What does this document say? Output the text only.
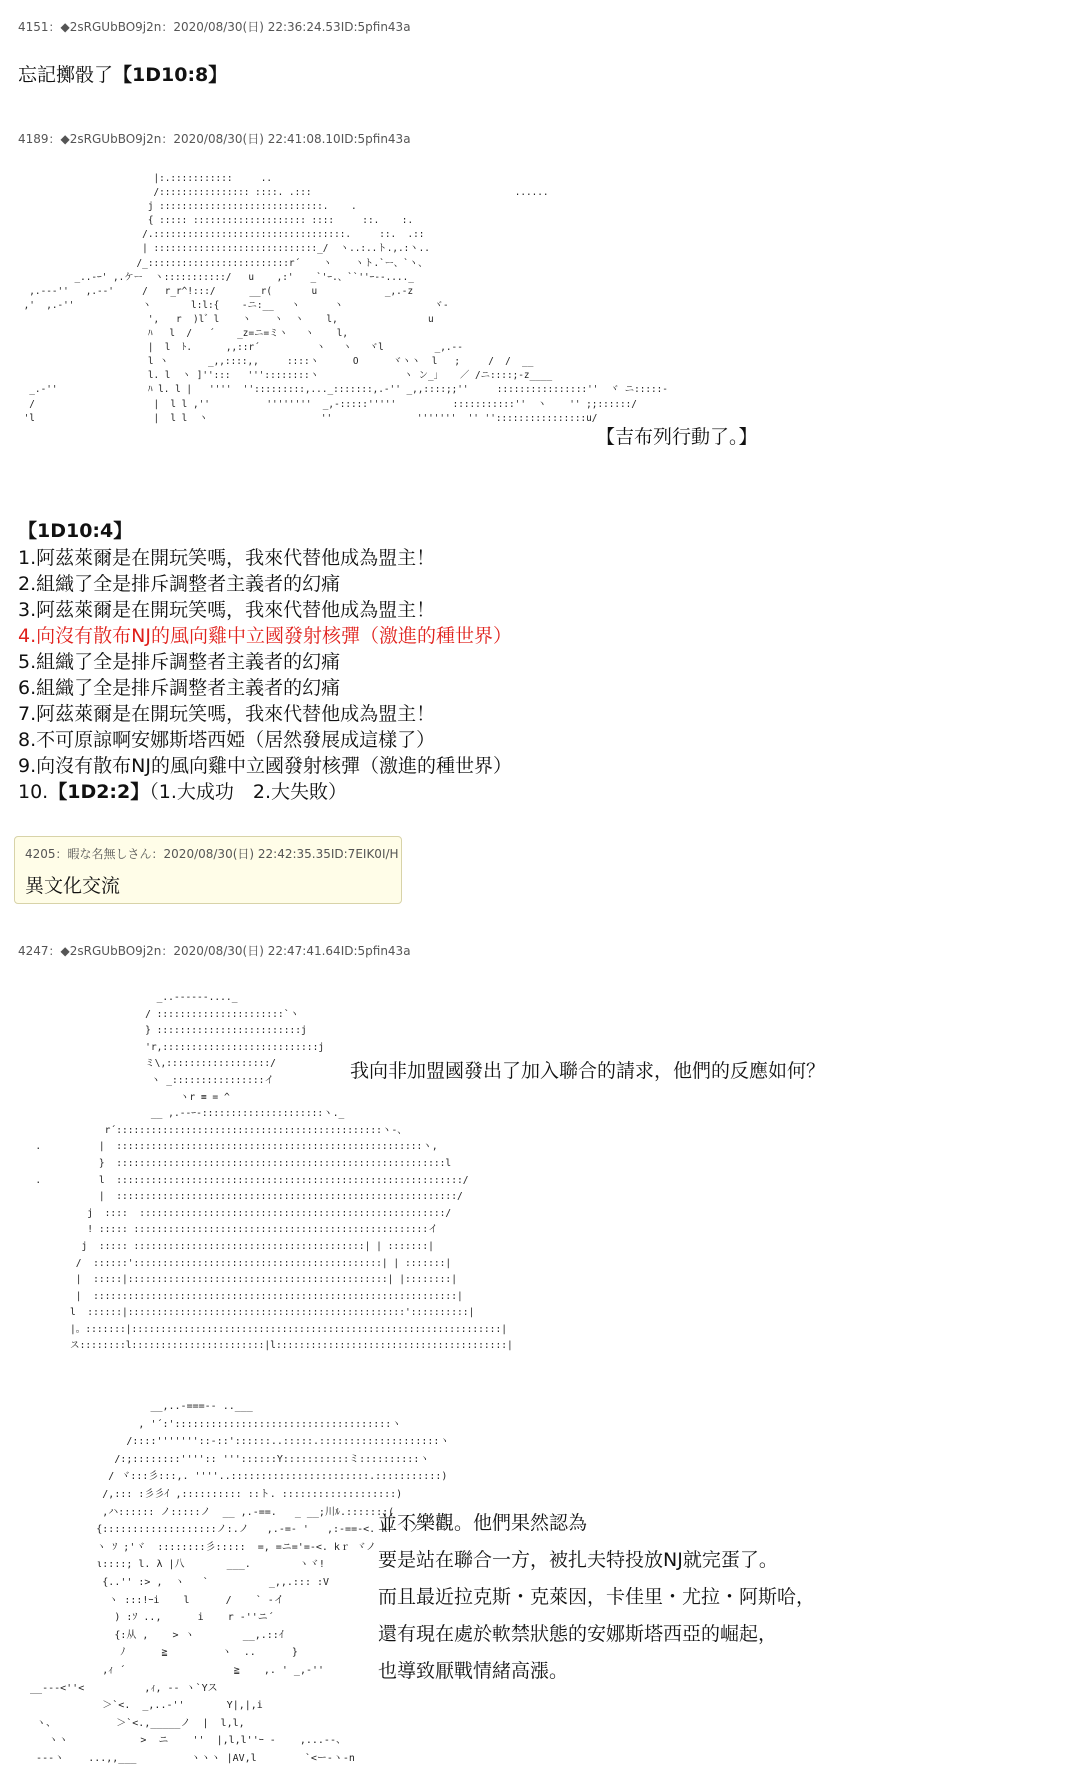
4151：◆2sRGUbBO9j2n：2020/08/30(日) 22:36:24.53ID:5pfin43a
忘記擲骰了【1D10:8】
4189：◆2sRGUbBO9j2n：2020/08/30(日) 22:41:08.10ID:5pfin43a
|:.:::::::::::     ..
/:::::::::::::::: ::::. .:::                                    ......
j :::::::::::::::::::::::::::::.    .
{ ::::: :::::::::::::::::::: ::::     ::.    :.
/.::::::::::::::::::::::::::::::::::.     ::.  .::
| :::::::::::::::::::::::::::::_/  ヽ..:..ト.,.:ヽ..
/_:::::::::::::::::::::::::r´    ヽ    ヽト.`ー、`ヽ、
_..-ｰ' ,.ケー  ヽ:::::::::::/   u    ,:'   _`'ｰ.、``''ｰ--...._
,.--‐''   ,.-‐'     /   r_r^!:::/      __r(       u            _,.-z
,'  ,.-''            ヽ       l:l:{    -ニ:__   ヽ      ヽ                ヾ-
',   r  )l゛l    ヽ    ヽ  ヽ    l,                u
ﾊ   l  /   ´    _z=ニ=ミヽ   ヽ    l,
|  l  ﾄ.      ,,::r´          ヽ   ヽ   ヾl         _,.--
l ヽ       _,,::::,,     ::::ヽ      O      ヾヽヽ  l   ;     /  /  __
l. l  ヽ ]'':::   '''::::::::ヽ               ヽ ン_」   ／ /ニ::::;-z____
_.-''                ﾊ l. l |   ''''  '':::::::::,..._:::::::,.-'' _,,::::;;''     ::::::::::::::::''  ヾ ニ:::::-
/                     |  l l ,''          ''''''''  _,-:::::'''''          :::::::::::''  ヽ    '' ;;::::::/
'l                     |  l l  ヽ                    ''               '''''''  '' ''::::::::::::::::u/
【吉布列行動了。】
【1D10:4】
1.阿茲萊爾是在開玩笑嗎，我來代替他成為盟主！
2.組織了全是排斥調整者主義者的幻痛
3.阿茲萊爾是在開玩笑嗎，我來代替他成為盟主！
4.向沒有散布NJ的風向雞中立國發射核彈（激進的種世界）
5.組織了全是排斥調整者主義者的幻痛
6.組織了全是排斥調整者主義者的幻痛
7.阿茲萊爾是在開玩笑嗎，我來代替他成為盟主！
8.不可原諒啊安娜斯塔西婭（居然發展成這樣了）
9.向沒有散布NJ的風向雞中立國發射核彈（激進的種世界）
10.【1D2:2】（1.大成功　2.大失敗）
4205：暇な名無しさん：2020/08/30(日) 22:42:35.35ID:7EIK0I/H
異文化交流
4247：◆2sRGUbBO9j2n：2020/08/30(日) 22:47:41.64ID:5pfin43a
_..------...._
/ ::::::::::::::::::::::`ヽ
} :::::::::::::::::::::::::j
'r,:::::::::::::::::::::::::::j
ミ\,::::::::::::::::::/
ヽ _::::::::::::::::イ
ヽr ≡ = ^
__ ,.--ｰ-:::::::::::::::::::::ヽ._
r´::::::::::::::::::::::::::::::::::::::::::::::ヽ-、
.          |  :::::::::::::::::::::::::::::::::::::::::::::::::::::ヽ,
}  :::::::::::::::::::::::::::::::::::::::::::::::::::::::::l
.          l  ::::::::::::::::::::::::::::::::::::::::::::::::::::::::::::/
|  :::::::::::::::::::::::::::::::::::::::::::::::::::::::::::/
j  ::::  :::::::::::::::::::::::::::::::::::::::::::::::::::::/
! ::::: :::::::::::::::::::::::::::::::::::::::::::::::::::イ
j  ::::: ::::::::::::::::::::::::::::::::::::::::| | :::::::|
/  ::::::':::::::::::::::::::::::::::::::::::::::::::| | :::::::|
|  :::::|:::::::::::::::::::::::::::::::::::::::::::::| |::::::::|
|  :::::::::::::::::::::::::::::::::::::::::::::::::::::::::::::::|
l  ::::::|::::::::::::::::::::::::::::::::::::::::::::::::'::::::::::|
|。:::::::|::::::::::::::::::::::::::::::::::::::::::::::::::::::::::::::::|
ス::::::::l:::::::::::::::::::::::|l::::::::::::::::::::::::::::::::::::::::|
我向非加盟國發出了加入聯合的請求，他們的反應如何？
__,..-===‐- ..___
, '´:'::::::::::::::::::::::::::::::::::::ヽ
/::::'''''''::-::'::::::..:::::.::::::::::::::::::::ヽ
/:;::::::::'''':: '''::::::Y:::::::::::ミ::::::::::ヽ
/ ヾ:::彡:::,. ''''..:::::::::::::::::::::::.:::::::::::)
/,::: :彡彡ｲ ,:::::::::: ::ト. :::::::::::::::::::)
,ハ:::::: ノ:::::ノ  __ ,.-==.   _ __;川ﾙ.:::::::(
{:::::::::::::::::::ノ:.ノ   ,.-=- '   ,:-==-<. kr ヾノ
ヽ ｿ ;'ヾ  ::::::::彡:::::  =, =ニ='=‐<. kｒ ヾノ
ι::::; l. λ |八       ___.        ヽヾ!
{..'' :> ,  ヽ   `          _,,.::: :V
ヽ :::!ｰi    l      /    ` ‐イ
) :ｿ ..,      i    r ‐''ニ´
{:从 ,    > ヽ        __,.::ｲ
ﾉ      ≧         ヽ  ..      }
,ｨ ´                  ≧    ,. ' _,-''
__--‐<''<          ,ｨ, -- ヽ`Yス
＞`<.  _,..-''       Y|,|,i
ヽ、          ＞`<.,_____ノ  |  l,l,
ヽヽ            >  ニ    ''  |,l,l''ｰ -    ,...--、
‐‐-ヽ    ...,,___         ヽヽヽ |AV,l        `<ー-ヽ-n
並不樂觀。他們果然認為
要是站在聯合一方，被扎夫特投放NJ就完蛋了。
而且最近拉克斯・克萊因，卡佳里・尤拉・阿斯哈，
還有現在處於軟禁狀態的安娜斯塔西亞的崛起，
也導致厭戰情緒高漲。
